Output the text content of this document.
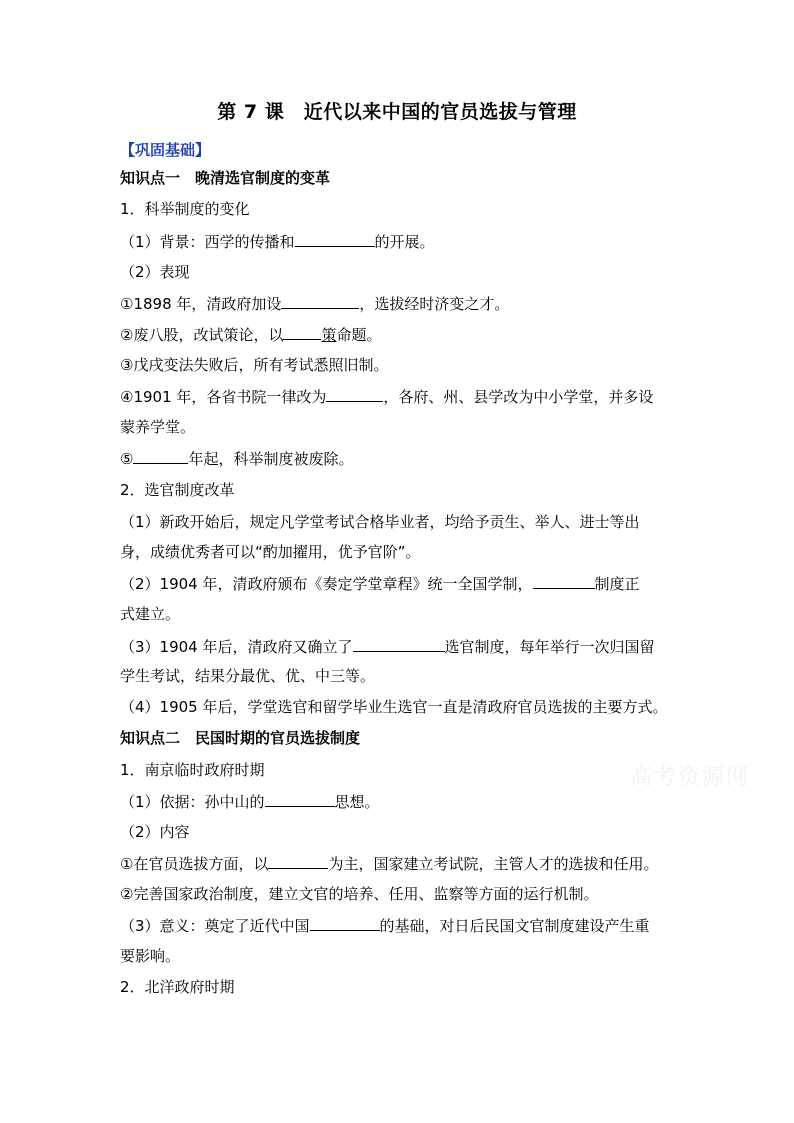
第 7 课　近代以来中国的官员选拔与管理
【巩固基础】
知识点一　晚清选官制度的变革
1．科举制度的变化
（1）背景：西学的传播和	的开展。
（2）表现
①1898 年，清政府加设	，选拔经时济变之才。
②废八股，改试策论，以	策命题。
③戊戌变法失败后，所有考试悉照旧制。
④1901 年，各省书院一律改为	，各府、州、县学改为中小学堂，并多设
蒙养学堂。
⑤	年起，科举制度被废除。
2．选官制度改革
（1）新政开始后，规定凡学堂考试合格毕业者，均给予贡生、举人、进士等出
身，成绩优秀者可以“酌加擢用，优予官阶”。
（2）1904 年，清政府颁布《奏定学堂章程》统一全国学制，	制度正
式建立。
（3）1904 年后，清政府又确立了	选官制度，每年举行一次归国留
学生考试，结果分最优、优、中三等。
（4）1905 年后，学堂选官和留学毕业生选官一直是清政府官员选拔的主要方式。
知识点二　民国时期的官员选拔制度
1．南京临时政府时期
（1）依据：孙中山的	思想。
（2）内容
①在官员选拔方面，以	为主，国家建立考试院，主管人才的选拔和任用。
②完善国家政治制度，建立文官的培养、任用、监察等方面的运行机制。
（3）意义：奠定了近代中国	的基础，对日后民国文官制度建设产生重
要影响。
2．北洋政府时期
高考资源网
